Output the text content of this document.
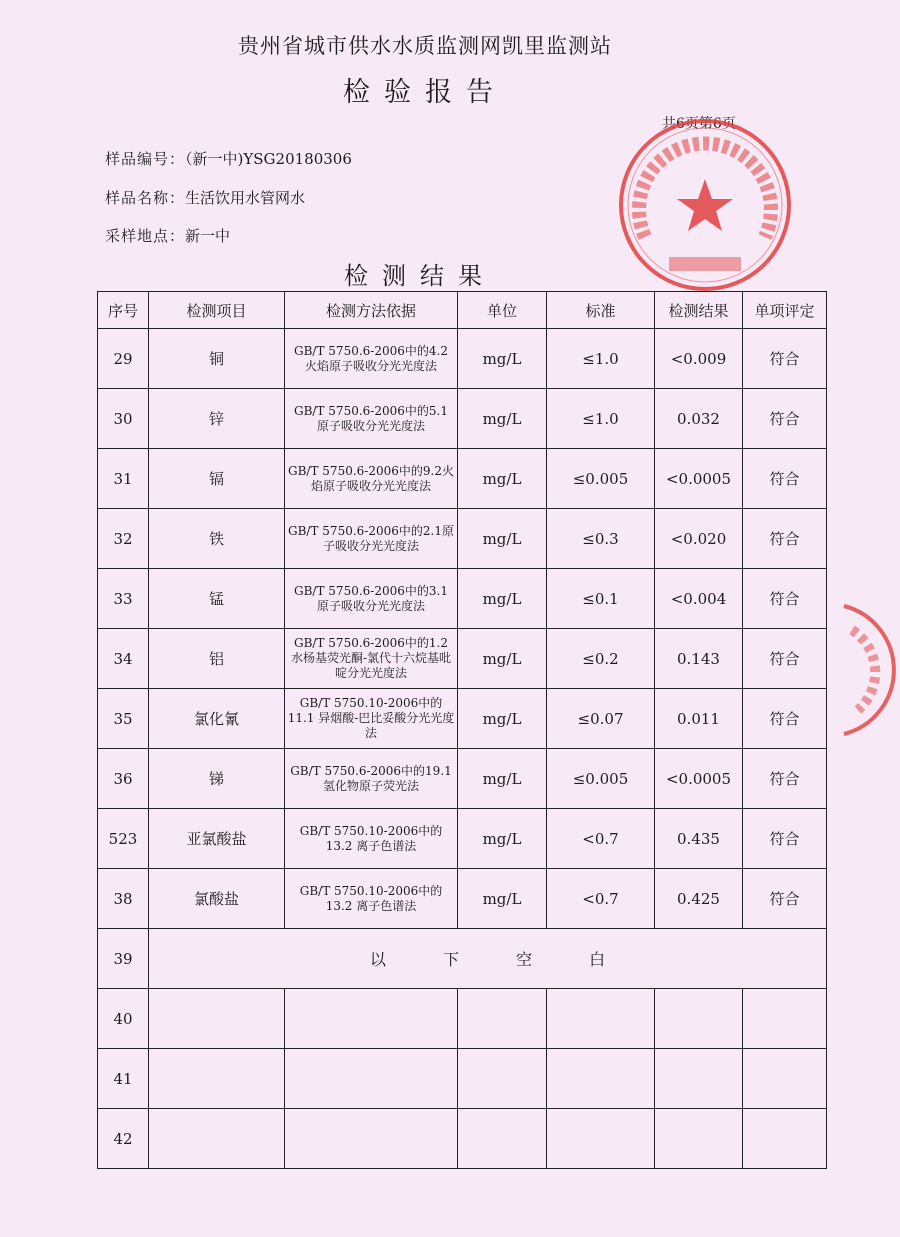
贵州省城市供水水质监测网凯里监测站
检验报告
共6页第6页
样品编号：（新一中)YSG20180306
样品名称：生活饮用水管网水
采样地点：新一中
检测结果
序号	检测项目	检测方法依据	单位	标准	检测结果	单项评定
29	铜	GB/T 5750.6-2006中的4.2 火焰原子吸收分光光度法	mg/L	≤1.0	<0.009	符合
30	锌	GB/T 5750.6-2006中的5.1 原子吸收分光光度法	mg/L	≤1.0	0.032	符合
31	镉	GB/T 5750.6-2006中的9.2火焰原子吸收分光光度法	mg/L	≤0.005	<0.0005	符合
32	铁	GB/T 5750.6-2006中的2.1原子吸收分光光度法	mg/L	≤0.3	<0.020	符合
33	锰	GB/T 5750.6-2006中的3.1 原子吸收分光光度法	mg/L	≤0.1	<0.004	符合
34	铝	GB/T 5750.6-2006中的1.2 水杨基荧光酮-氯代十六烷基吡啶分光光度法	mg/L	≤0.2	0.143	符合
35	氯化氰	GB/T 5750.10-2006中的11.1 异烟酸-巴比妥酸分光光度法	mg/L	≤0.07	0.011	符合
36	锑	GB/T 5750.6-2006中的19.1 氢化物原子荧光法	mg/L	≤0.005	<0.0005	符合
523	亚氯酸盐	GB/T 5750.10-2006中的13.2 离子色谱法	mg/L	<0.7	0.435	符合
38	氯酸盐	GB/T 5750.10-2006中的13.2 离子色谱法	mg/L	<0.7	0.425	符合
39	以 下 空 白					
40						
41						
42						
